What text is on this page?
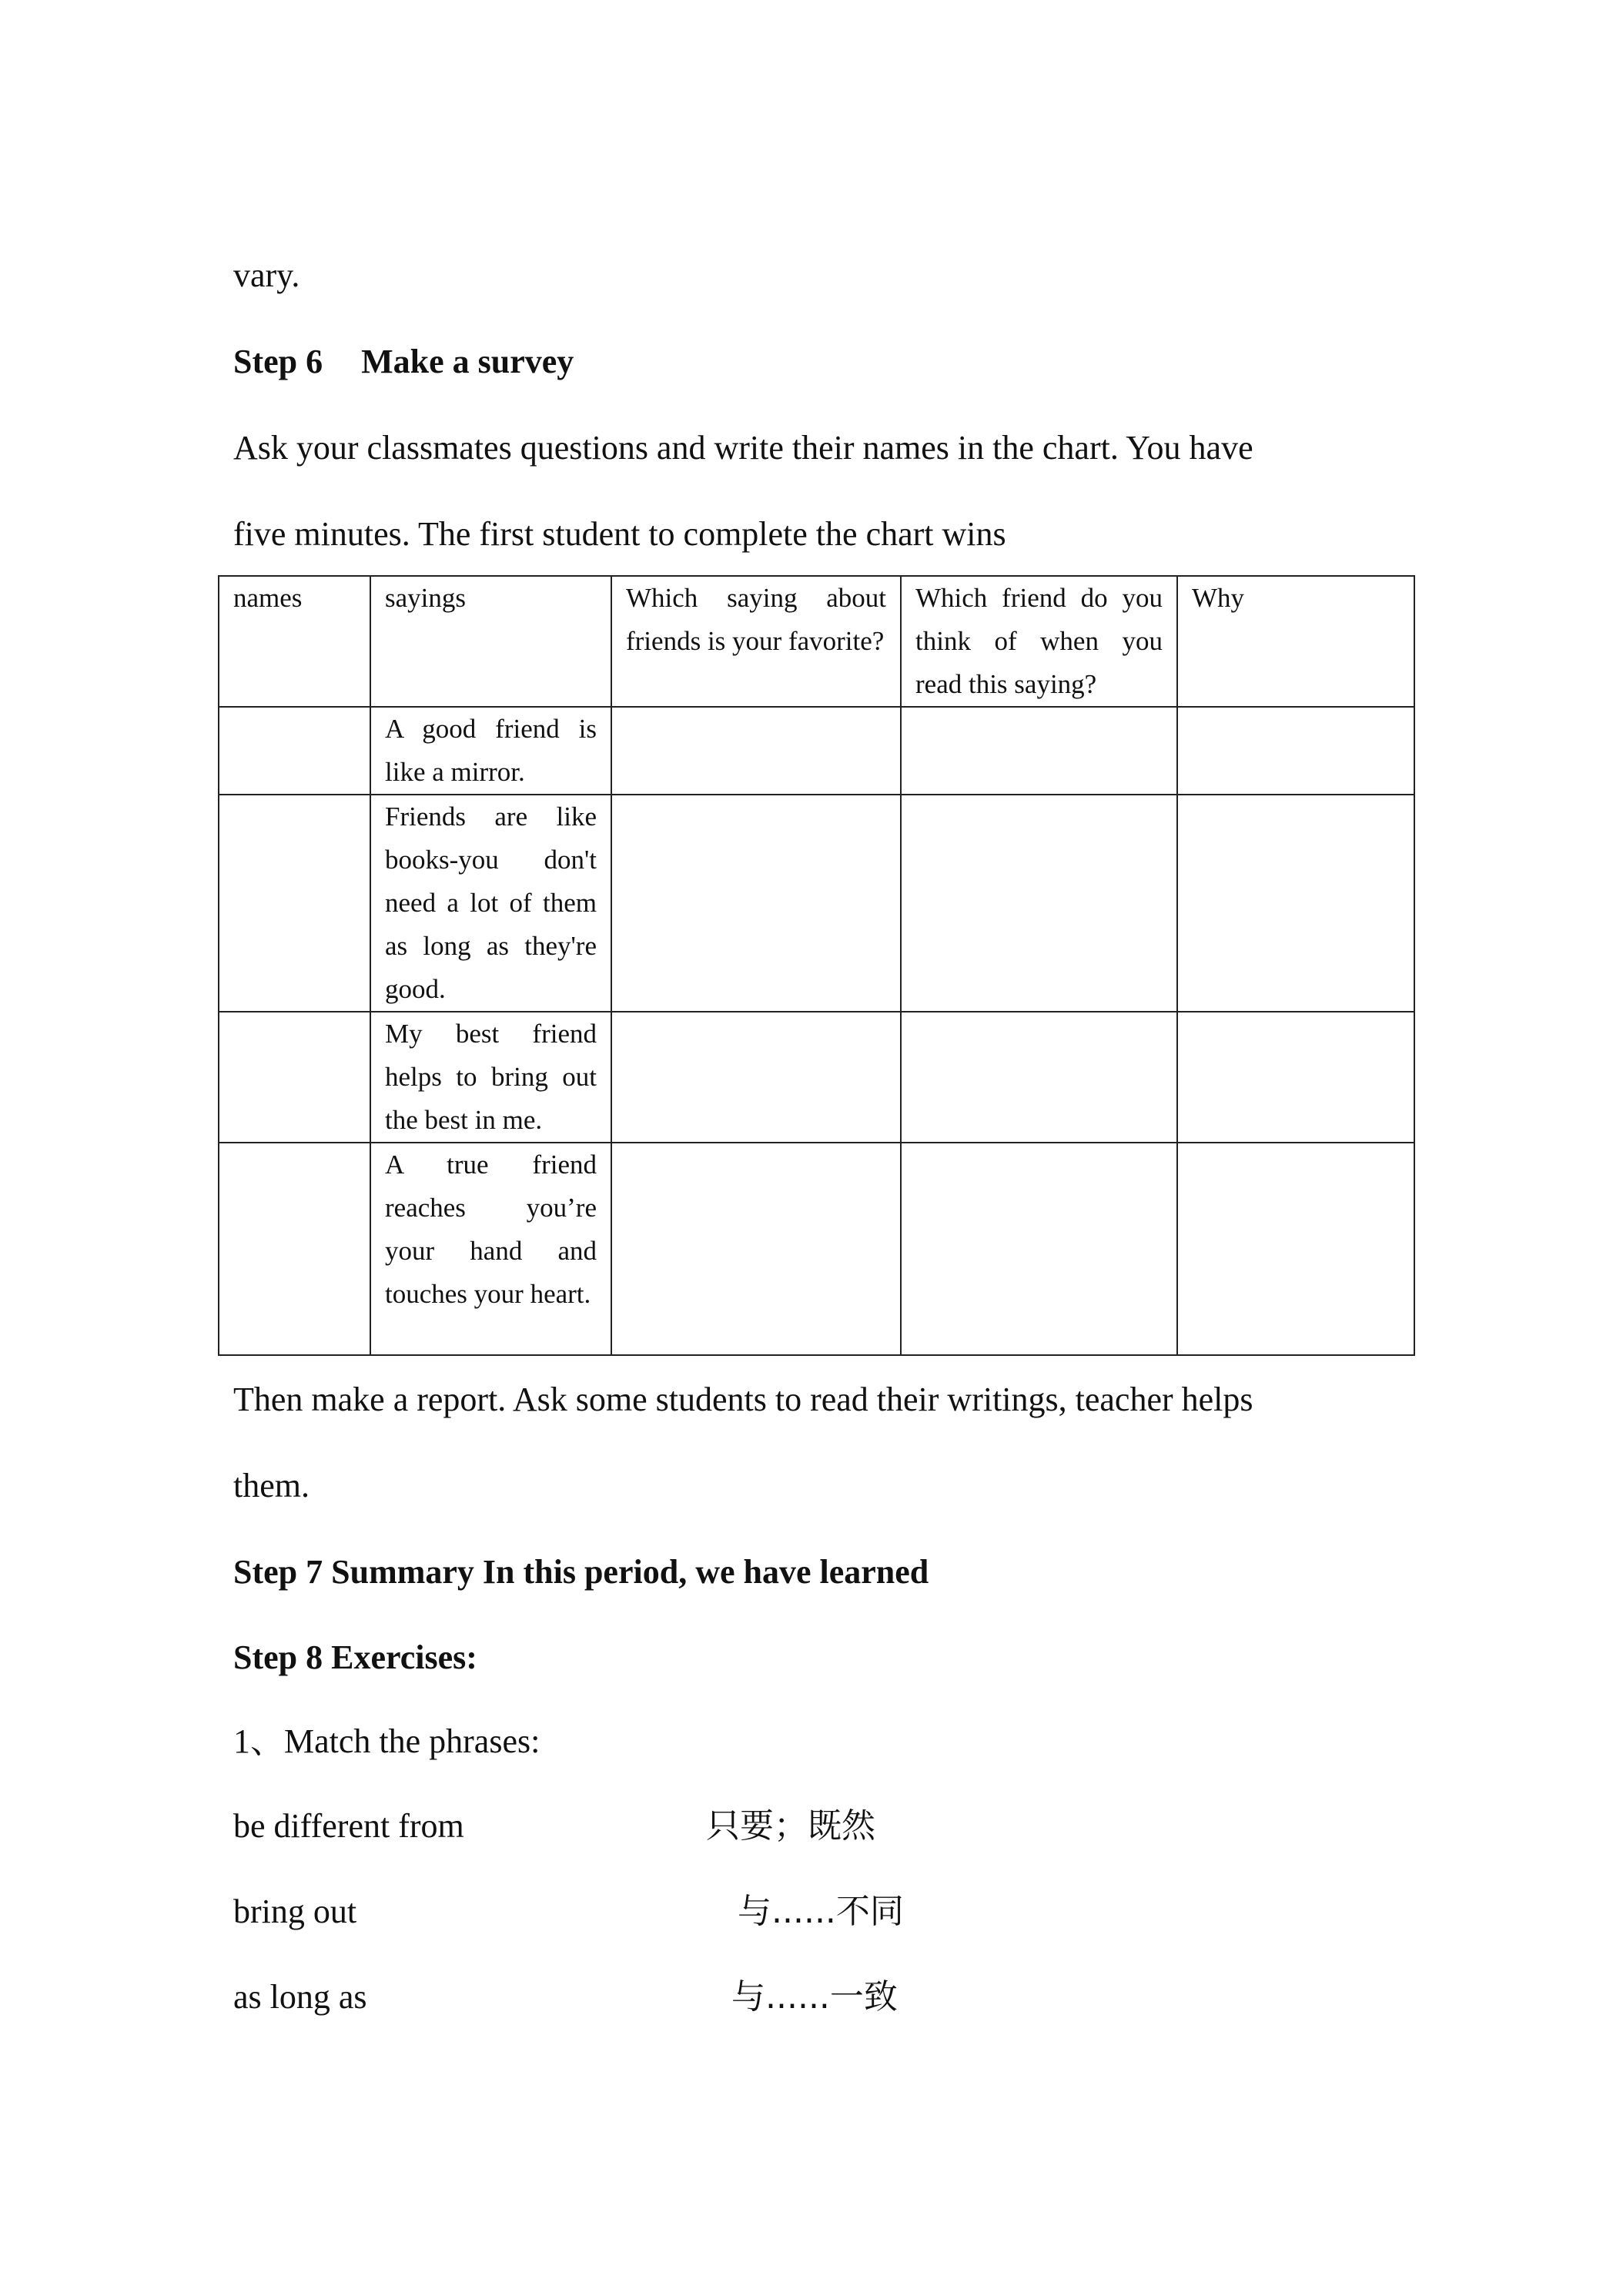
vary.
Step 6 Make a survey
Ask your classmates questions and write their names in the chart. You have
five minutes. The first student to complete the chart wins
names	sayings	Which saying about friends is your favorite?	Which friend do you think of when you read this saying?	Why
	A good friend is like a mirror.			
	Friends are like books-you don't need a lot of them as long as they're good.			
	My best friend helps to bring out the best in me.			
	A true friend reaches you’re your hand and touches your heart.			
Then make a report. Ask some students to read their writings, teacher helps
them.
Step 7 Summary In this period, we have learned
Step 8 Exercises:
1、Match the phrases:
be different from	只要；既然
bring out	与......不同
as long as	与......一致
